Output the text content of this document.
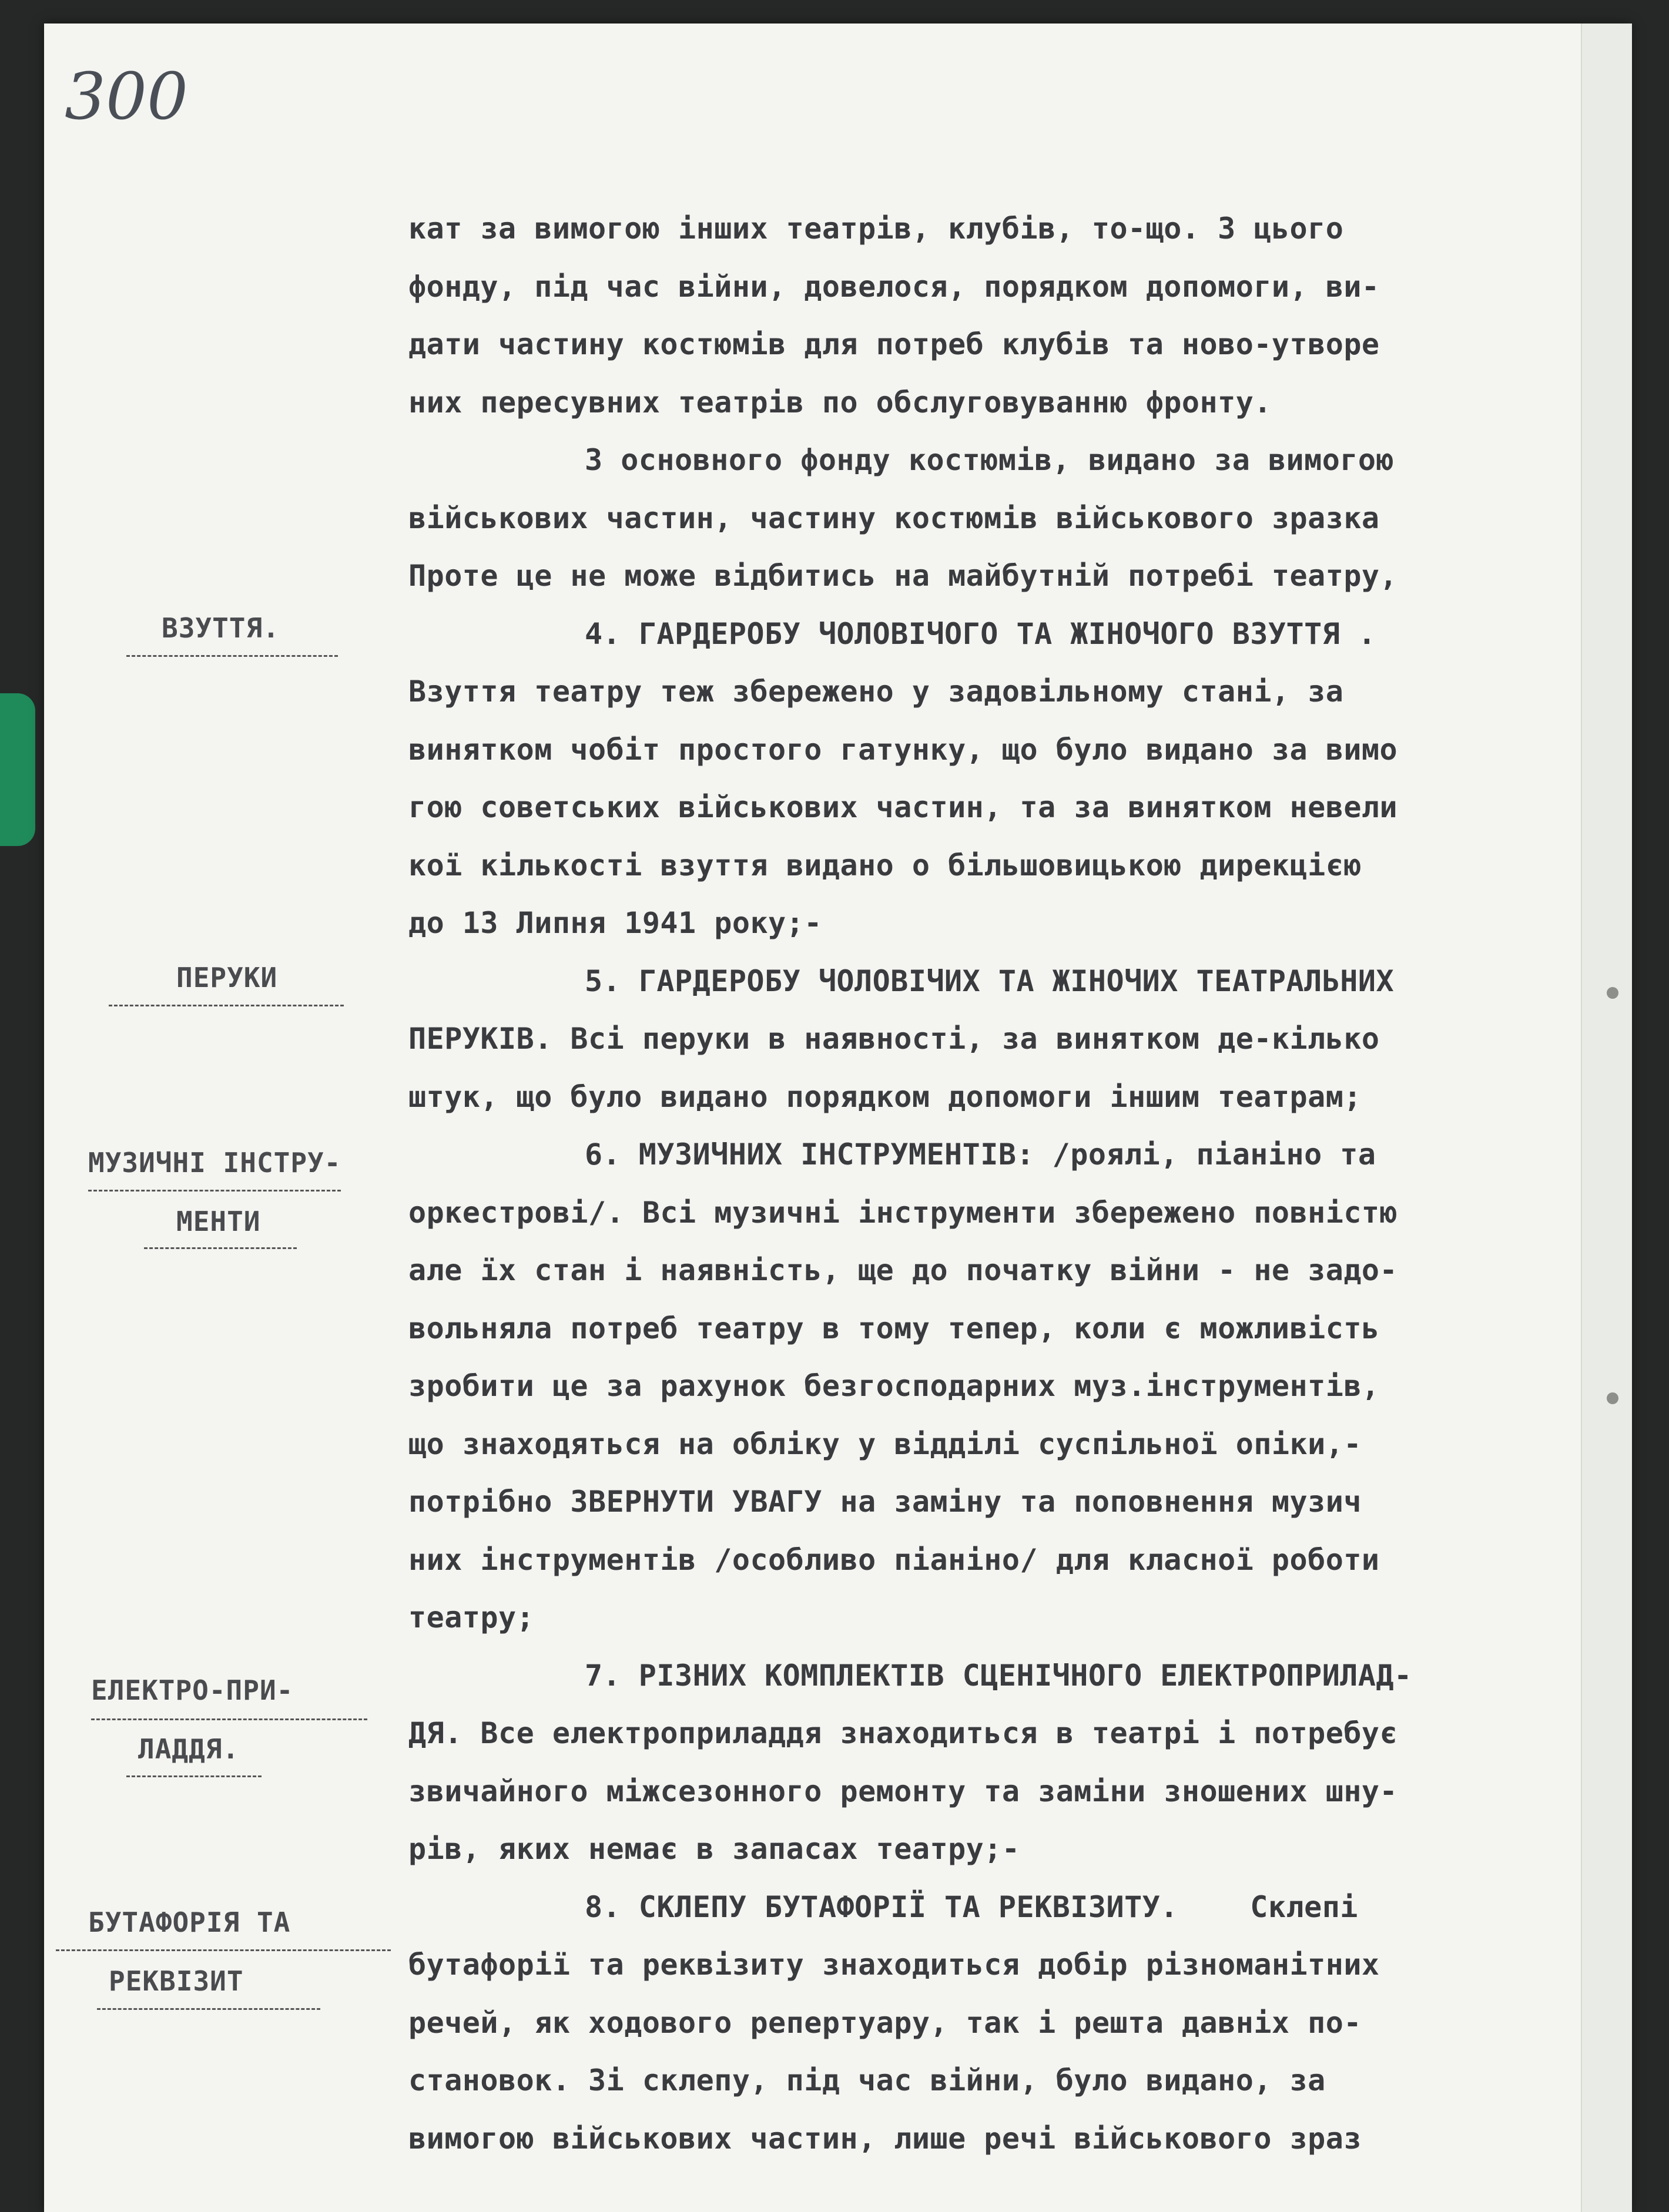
300
ВЗУТТЯ.
ПЕРУКИ
МУЗИЧНІ ІНСТРУ-
МЕНТИ
ЕЛЕКТРО-ПРИ-
ЛАДДЯ.
БУТАФОРІЯ ТА
РЕКВІЗИТ
кат за вимогою інших театрів, клубів, то-що. З цього
фонду, під час війни, довелося, порядком допомоги, ви-
дати частину костюмів для потреб клубів та ново-утворе
них пересувних театрів по обслуговуванню фронту.
З основного фонду костюмів, видано за вимогою
військових частин, частину костюмів військового зразка
Проте це не може відбитись на майбутній потребі театру,
4. ГАРДЕРОБУ ЧОЛОВІЧОГО ТА ЖІНОЧОГО ВЗУТТЯ .
Взуття театру теж збережено у задовільному стані, за
винятком чобіт простого гатунку, що було видано за вимо
гою советських військових частин, та за винятком невели
кої кількості взуття видано о більшовицькою дирекцією
до 13 Липня 1941 року;-
5. ГАРДЕРОБУ ЧОЛОВІЧИХ ТА ЖІНОЧИХ ТЕАТРАЛЬНИХ
ПЕРУКІВ. Всі перуки в наявності, за винятком де-кілько
штук, що було видано порядком допомоги іншим театрам;
6. МУЗИЧНИХ ІНСТРУМЕНТІВ: /роялі, піаніно та
оркестрові/. Всі музичні інструменти збережено повністю
але їх стан і наявність, ще до початку війни - не задо-
вольняла потреб театру в тому тепер, коли є можливість
зробити це за рахунок безгосподарних муз.інструментів,
що знаходяться на обліку у відділі суспільної опіки,-
потрібно ЗВЕРНУТИ УВАГУ на заміну та поповнення музич
них інструментів /особливо піаніно/ для класної роботи
театру;
7. РІЗНИХ КОМПЛЕКТІВ СЦЕНІЧНОГО ЕЛЕКТРОПРИЛАД-
ДЯ. Все електроприладдя знаходиться в театрі і потребує
звичайного міжсезонного ремонту та заміни зношених шну-
рів, яких немає в запасах театру;-
8. СКЛЕПУ БУТАФОРІЇ ТА РЕКВІЗИТУ.    Склепі
бутафорії та реквізиту знаходиться добір різноманітних
речей, як ходового репертуару, так і решта давніх по-
становок. Зі склепу, під час війни, було видано, за
вимогою військових частин, лише речі військового зраз
